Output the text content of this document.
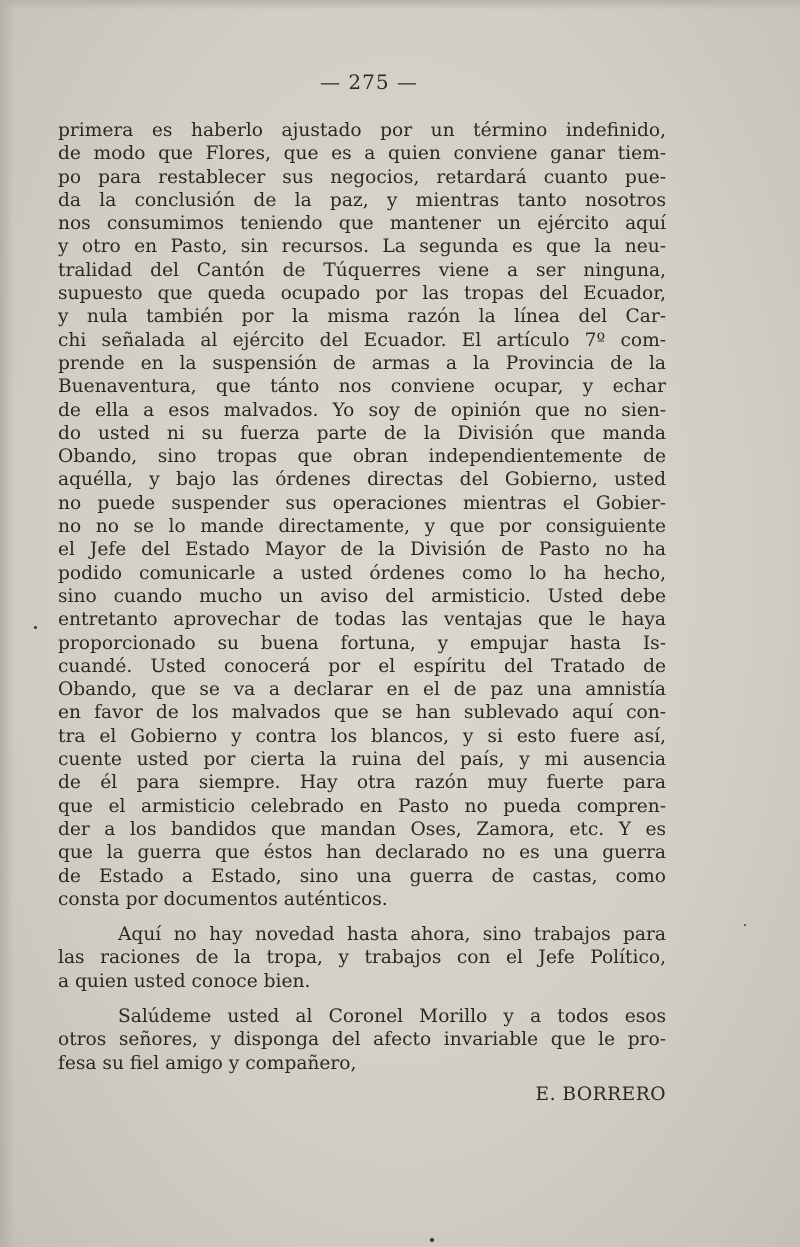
— 275 —
primera es haberlo ajustado por un término indefinido,
de modo que Flores, que es a quien conviene ganar tiem-
po para restablecer sus negocios, retardará cuanto pue-
da la conclusión de la paz, y mientras tanto nosotros
nos consumimos teniendo que mantener un ejército aquí
y otro en Pasto, sin recursos. La segunda es que la neu-
tralidad del Cantón de Túquerres viene a ser ninguna,
supuesto que queda ocupado por las tropas del Ecuador,
y nula también por la misma razón la línea del Car-
chi señalada al ejército del Ecuador. El artículo 7º com-
prende en la suspensión de armas a la Provincia de la
Buenaventura, que tánto nos conviene ocupar, y echar
de ella a esos malvados. Yo soy de opinión que no sien-
do usted ni su fuerza parte de la División que manda
Obando, sino tropas que obran independientemente de
aquélla, y bajo las órdenes directas del Gobierno, usted
no puede suspender sus operaciones mientras el Gobier-
no no se lo mande directamente, y que por consiguiente
el Jefe del Estado Mayor de la División de Pasto no ha
podido comunicarle a usted órdenes como lo ha hecho,
sino cuando mucho un aviso del armisticio. Usted debe
entretanto aprovechar de todas las ventajas que le haya
proporcionado su buena fortuna, y empujar hasta Is-
cuandé. Usted conocerá por el espíritu del Tratado de
Obando, que se va a declarar en el de paz una amnistía
en favor de los malvados que se han sublevado aquí con-
tra el Gobierno y contra los blancos, y si esto fuere así,
cuente usted por cierta la ruina del país, y mi ausencia
de él para siempre. Hay otra razón muy fuerte para
que el armisticio celebrado en Pasto no pueda compren-
der a los bandidos que mandan Oses, Zamora, etc. Y es
que la guerra que éstos han declarado no es una guerra
de Estado a Estado, sino una guerra de castas, como
consta por documentos auténticos.
Aquí no hay novedad hasta ahora, sino trabajos para
las raciones de la tropa, y trabajos con el Jefe Político,
a quien usted conoce bien.
Salúdeme usted al Coronel Morillo y a todos esos
otros señores, y disponga del afecto invariable que le pro-
fesa su fiel amigo y compañero,
E. BORRERO
